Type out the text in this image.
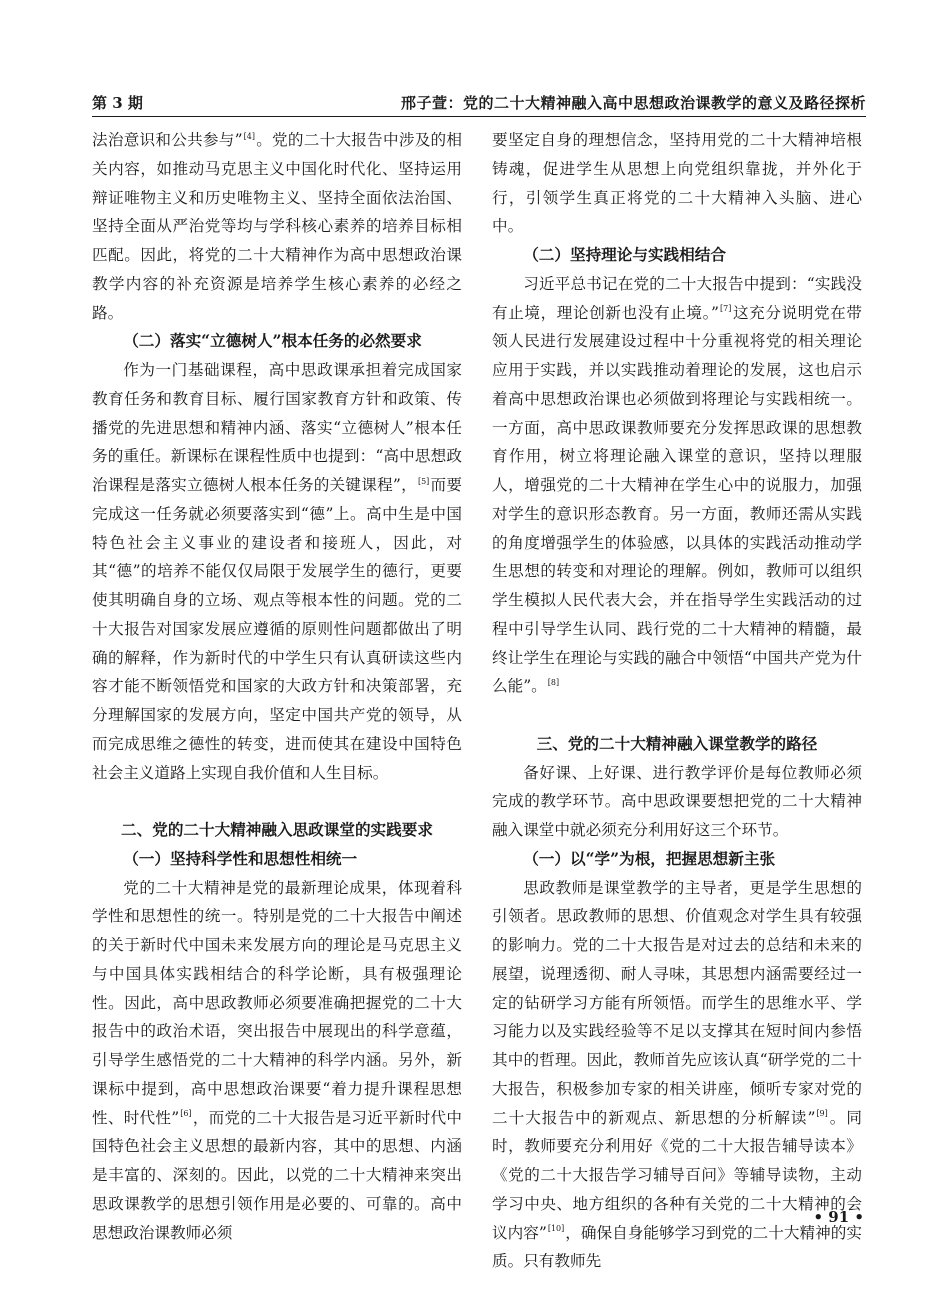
第 3 期	邢子萱：党的二十大精神融入高中思想政治课教学的意义及路径探析

法治意识和公共参与”[4]。党的二十大报告中涉及的相关内容，如推动马克思主义中国化时代化、坚持运用辩证唯物主义和历史唯物主义、坚持全面依法治国、坚持全面从严治党等均与学科核心素养的培养目标相匹配。因此，将党的二十大精神作为高中思想政治课教学内容的补充资源是培养学生核心素养的必经之路。

（二）落实“立德树人”根本任务的必然要求

作为一门基础课程，高中思政课承担着完成国家教育任务和教育目标、履行国家教育方针和政策、传播党的先进思想和精神内涵、落实“立德树人”根本任务的重任。新课标在课程性质中也提到：“高中思想政治课程是落实立德树人根本任务的关键课程”，[5]而要完成这一任务就必须要落实到“德”上。高中生是中国特色社会主义事业的建设者和接班人，因此，对其“德”的培养不能仅仅局限于发展学生的德行，更要使其明确自身的立场、观点等根本性的问题。党的二十大报告对国家发展应遵循的原则性问题都做出了明确的解释，作为新时代的中学生只有认真研读这些内容才能不断领悟党和国家的大政方针和决策部署，充分理解国家的发展方向，坚定中国共产党的领导，从而完成思维之德性的转变，进而使其在建设中国特色社会主义道路上实现自我价值和人生目标。

二、党的二十大精神融入思政课堂的实践要求
（一）坚持科学性和思想性相统一

党的二十大精神是党的最新理论成果，体现着科学性和思想性的统一。特别是党的二十大报告中阐述的关于新时代中国未来发展方向的理论是马克思主义与中国具体实践相结合的科学论断，具有极强理论性。因此，高中思政教师必须要准确把握党的二十大报告中的政治术语，突出报告中展现出的科学意蕴，引导学生感悟党的二十大精神的科学内涵。另外，新课标中提到，高中思想政治课要“着力提升课程思想性、时代性”[6]，而党的二十大报告是习近平新时代中国特色社会主义思想的最新内容，其中的思想、内涵是丰富的、深刻的。因此，以党的二十大精神来突出思政课教学的思想引领作用是必要的、可靠的。高中思想政治课教师必须

要坚定自身的理想信念，坚持用党的二十大精神培根铸魂，促进学生从思想上向党组织靠拢，并外化于行，引领学生真正将党的二十大精神入头脑、进心中。

（二）坚持理论与实践相结合

习近平总书记在党的二十大报告中提到：“实践没有止境，理论创新也没有止境。”[7]这充分说明党在带领人民进行发展建设过程中十分重视将党的相关理论应用于实践，并以实践推动着理论的发展，这也启示着高中思想政治课也必须做到将理论与实践相统一。一方面，高中思政课教师要充分发挥思政课的思想教育作用，树立将理论融入课堂的意识，坚持以理服人，增强党的二十大精神在学生心中的说服力，加强对学生的意识形态教育。另一方面，教师还需从实践的角度增强学生的体验感，以具体的实践活动推动学生思想的转变和对理论的理解。例如，教师可以组织学生模拟人民代表大会，并在指导学生实践活动的过程中引导学生认同、践行党的二十大精神的精髓，最终让学生在理论与实践的融合中领悟“中国共产党为什么能”。[8]

三、党的二十大精神融入课堂教学的路径

备好课、上好课、进行教学评价是每位教师必须完成的教学环节。高中思政课要想把党的二十大精神融入课堂中就必须充分利用好这三个环节。

（一）以“学”为根，把握思想新主张

思政教师是课堂教学的主导者，更是学生思想的引领者。思政教师的思想、价值观念对学生具有较强的影响力。党的二十大报告是对过去的总结和未来的展望，说理透彻、耐人寻味，其思想内涵需要经过一定的钻研学习方能有所领悟。而学生的思维水平、学习能力以及实践经验等不足以支撑其在短时间内参悟其中的哲理。因此，教师首先应该认真“研学党的二十大报告，积极参加专家的相关讲座，倾听专家对党的二十大报告中的新观点、新思想的分析解读”[9]。同时，教师要充分利用好《党的二十大报告辅导读本》《党的二十大报告学习辅导百问》等辅导读物，主动学习中央、地方组织的各种有关党的二十大精神的会议内容”[10]，确保自身能够学习到党的二十大精神的实质。只有教师先

• 91 •
